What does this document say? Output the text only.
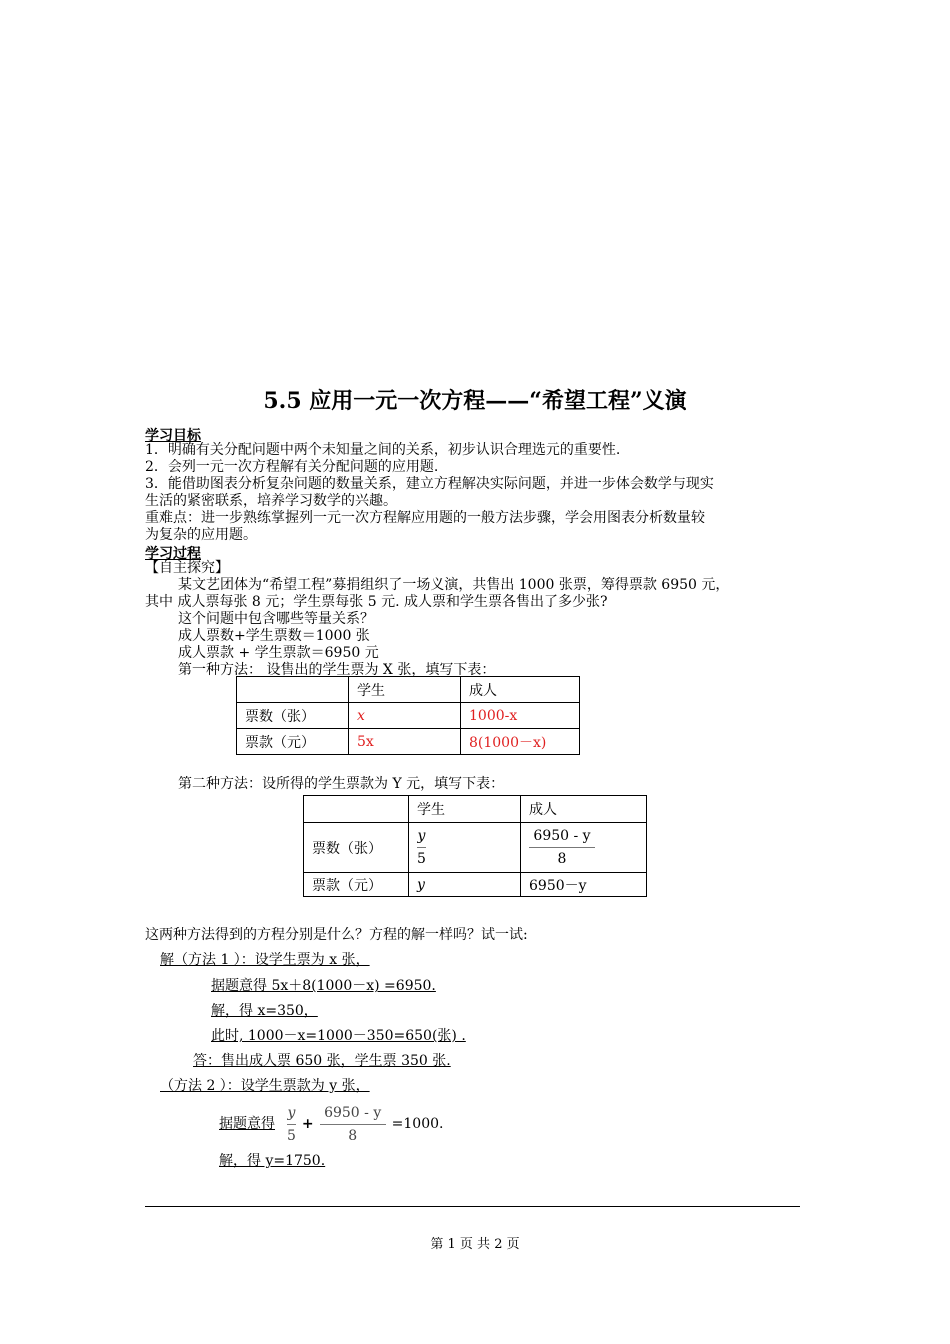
5.5 应用一元一次方程——“希望工程”义演
学习目标
1．明确有关分配问题中两个未知量之间的关系，初步认识合理选元的重要性.
2．会列一元一次方程解有关分配问题的应用题.
3．能借助图表分析复杂问题的数量关系，建立方程解决实际问题，并进一步体会数学与现实
生活的紧密联系，培养学习数学的兴趣。
重难点：进一步熟练掌握列一元一次方程解应用题的一般方法步骤，学会用图表分析数量较
为复杂的应用题。
学习过程
【自主探究】
某文艺团体为“希望工程”募捐组织了一场义演，共售出 1000 张票，筹得票款 6950 元，
其中 成人票每张 8 元；学生票每张 5 元. 成人票和学生票各售出了多少张?
这个问题中包含哪些等量关系？
成人票数+学生票数＝1000 张
成人票款 + 学生票款＝6950 元
第一种方法： 设售出的学生票为 X 张，填写下表：
	学生	成人
票数（张）	x	1000-x
票款（元）	5x	8(1000－x)
第二种方法：设所得的学生票款为 Y 元，填写下表：
	学生	成人
票数（张）	$\frac{y}{5}$	$\frac{6950 - y}{8}$

票款（元）	y	6950－y
这两种方法得到的方程分别是什么？方程的解一样吗？试一试:
解（方法 1 ）：设学生票为 x 张，
据题意得 5x＋8(1000－x) =6950.
解，得 x=350，
此时, 1000－x=1000－350=650(张) .
答：售出成人票 650 张，学生票 350 张.
（方法 2 ）：设学生票款为 y 张，
据题意得 $\frac{y}{5} + \frac{6950 - y}{8} =1000$.
解，得 y=1750.
第 1 页 共 2 页
